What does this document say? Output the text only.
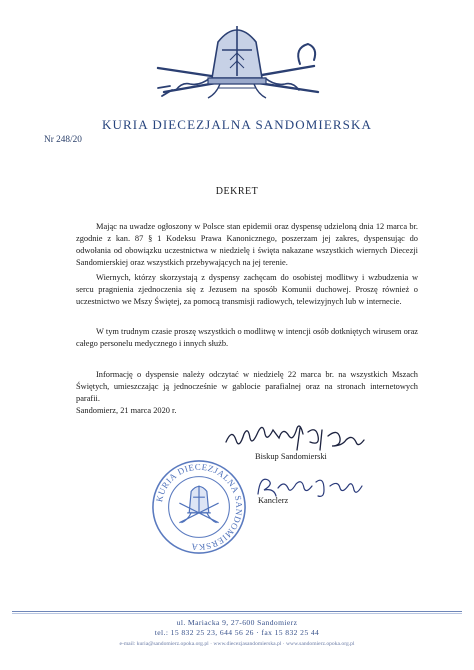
KURIA DIECEZJALNA SANDOMIERSKA
Nr 248/20
DEKRET

Mając na uwadze ogłoszony w Polsce stan epidemii oraz dyspensę udzieloną dnia 12 marca br. zgodnie z kan. 87 § 1 Kodeksu Prawa Kanonicznego, poszerzam jej zakres, dyspensując do odwołania od obowiązku uczestnictwa w niedzielę i święta nakazane wszystkich wiernych Diecezji Sandomierskiej oraz wszystkich przebywających na jej terenie.

Wiernych, którzy skorzystają z dyspensy zachęcam do osobistej modlitwy i wzbudzenia w sercu pragnienia zjednoczenia się z Jezusem na sposób Komunii duchowej. Proszę również o uczestnictwo we Mszy Świętej, za pomocą transmisji radiowych, telewizyjnych lub w internecie.

W tym trudnym czasie proszę wszystkich o modlitwę w intencji osób dotkniętych wirusem oraz całego personelu medycznego i innych służb.

Informację o dyspensie należy odczytać w niedzielę 22 marca br. na wszystkich Mszach Świętych, umieszczając ją jednocześnie w gablocie parafialnej oraz na stronach internetowych parafii.

Sandomierz, 21 marca 2020 r.
Biskup Sandomierski
Kanclerz
KURIA DIECEZJALNA SANDOMIERSKA
ul. Mariacka 9, 27-600 Sandomierz
tel.: 15 832 25 23, 644 56 26 · fax 15 832 25 44
e-mail: kuria@sandomierz.opoka.org.pl · www.diecezjasandomierska.pl · www.sandomierz.opoka.org.pl
